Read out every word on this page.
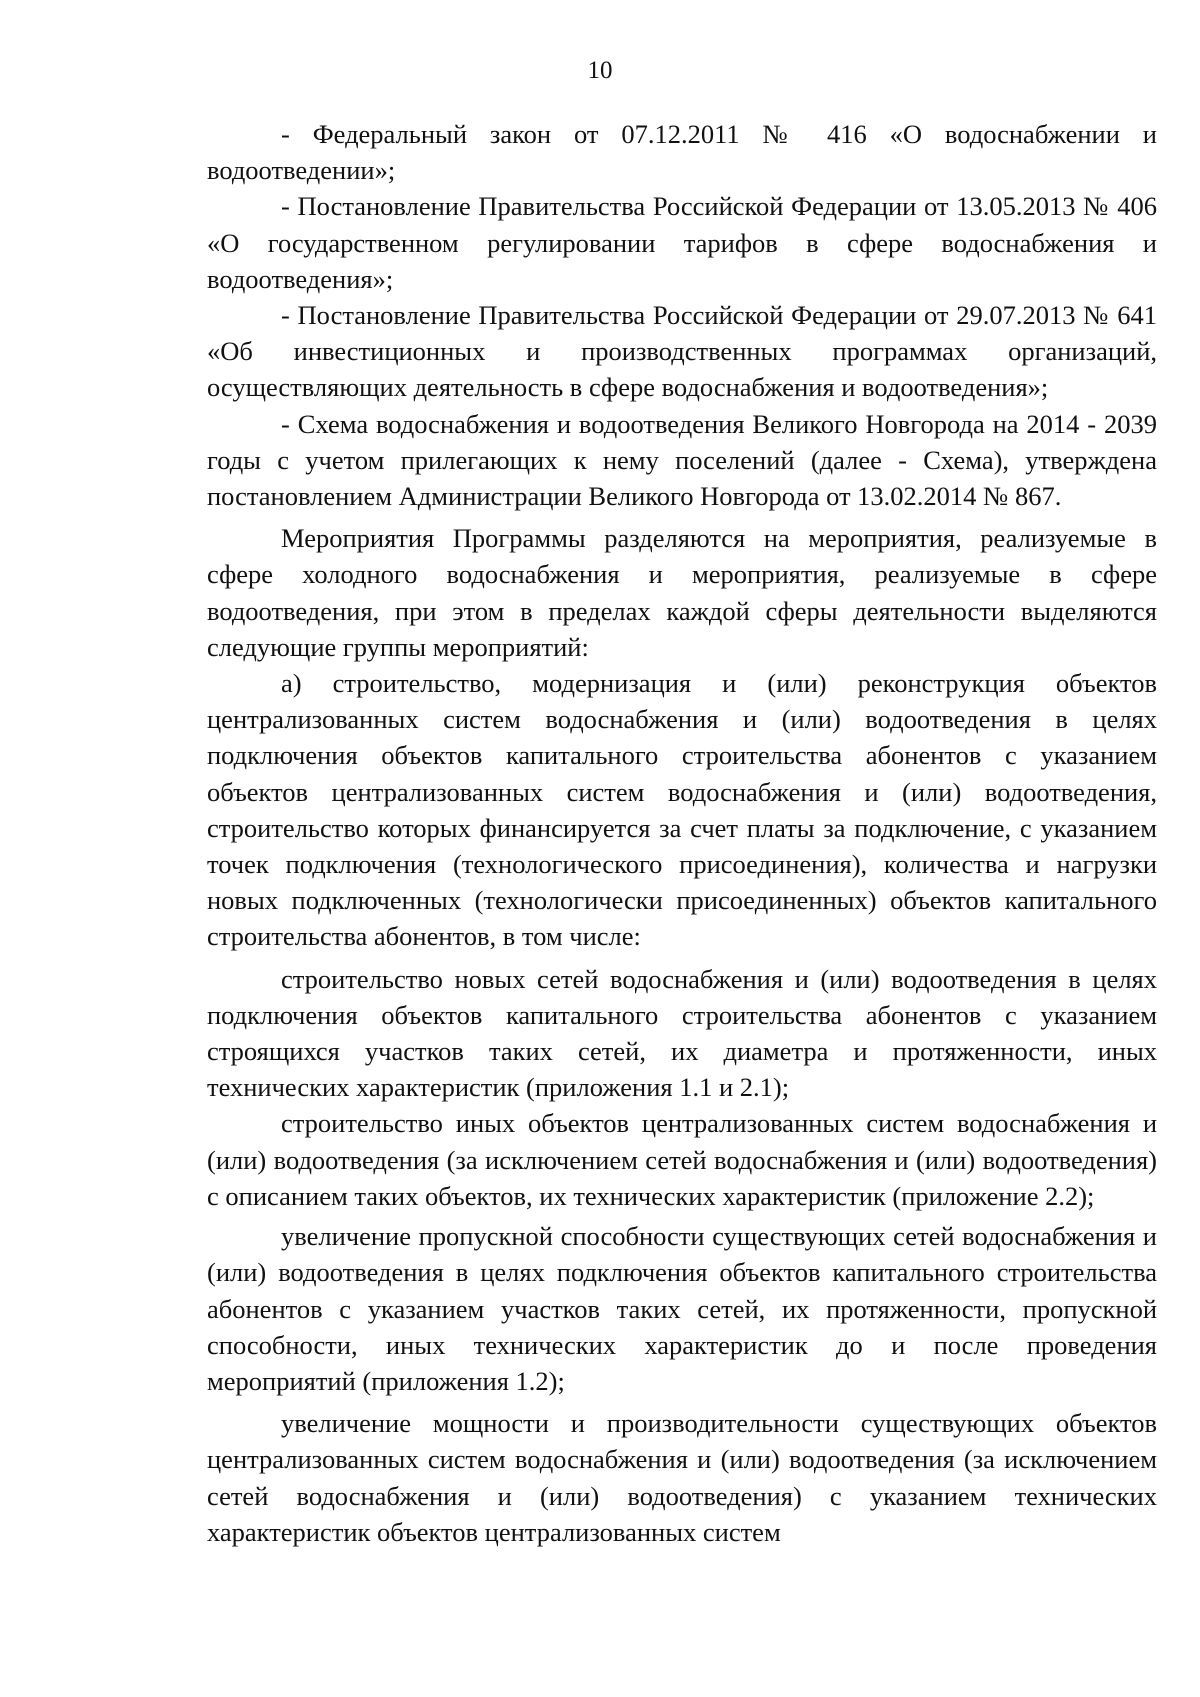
10

- Федеральный закон от 07.12.2011 № 416 «О водоснабжении и водоотведении»;

- Постановление Правительства Российской Федерации от 13.05.2013 № 406 «О государственном регулировании тарифов в сфере водоснабжения и водоотведения»;

- Постановление Правительства Российской Федерации от 29.07.2013 № 641 «Об инвестиционных и производственных программах организаций, осуществляющих деятельность в сфере водоснабжения и водоотведения»;

- Схема водоснабжения и водоотведения Великого Новгорода на 2014 - 2039 годы с учетом прилегающих к нему поселений (далее - Схема), утверждена постановлением Администрации Великого Новгорода от 13.02.2014 № 867.

Мероприятия Программы разделяются на мероприятия, реализуемые в сфере холодного водоснабжения и мероприятия, реализуемые в сфере водоотведения, при этом в пределах каждой сферы деятельности выделяются следующие группы мероприятий:

а) строительство, модернизация и (или) реконструкция объектов централизованных систем водоснабжения и (или) водоотведения в целях подключения объектов капитального строительства абонентов с указанием объектов централизованных систем водоснабжения и (или) водоотведения, строительство которых финансируется за счет платы за подключение, с указанием точек подключения (технологического присоединения), количества и нагрузки новых подключенных (технологически присоединенных) объектов капитального строительства абонентов, в том числе:

строительство новых сетей водоснабжения и (или) водоотведения в целях подключения объектов капитального строительства абонентов с указанием строящихся участков таких сетей, их диаметра и протяженности, иных технических характеристик (приложения 1.1 и 2.1);

строительство иных объектов централизованных систем водоснабжения и (или) водоотведения (за исключением сетей водоснабжения и (или) водоотведения) с описанием таких объектов, их технических характеристик (приложение 2.2);

увеличение пропускной способности существующих сетей водоснабжения и (или) водоотведения в целях подключения объектов капитального строительства абонентов с указанием участков таких сетей, их протяженности, пропускной способности, иных технических характеристик до и после проведения мероприятий (приложения 1.2);

увеличение мощности и производительности существующих объектов централизованных систем водоснабжения и (или) водоотведения (за исключением сетей водоснабжения и (или) водоотведения) с указанием технических характеристик объектов централизованных систем
